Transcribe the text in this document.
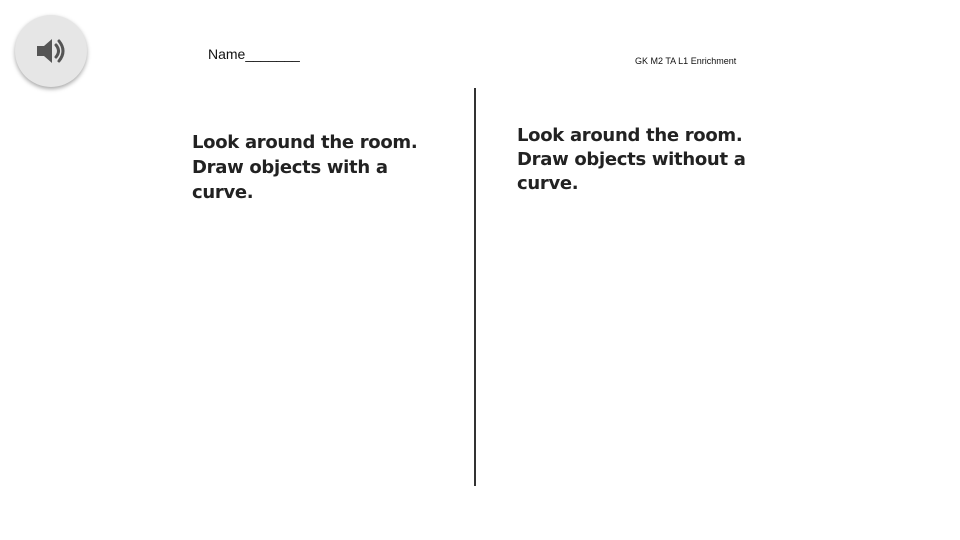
Name_______	GK M2 TA L1 Enrichment
Look around the room. Draw objects with a curve.
Look around the room. Draw objects without a curve.
